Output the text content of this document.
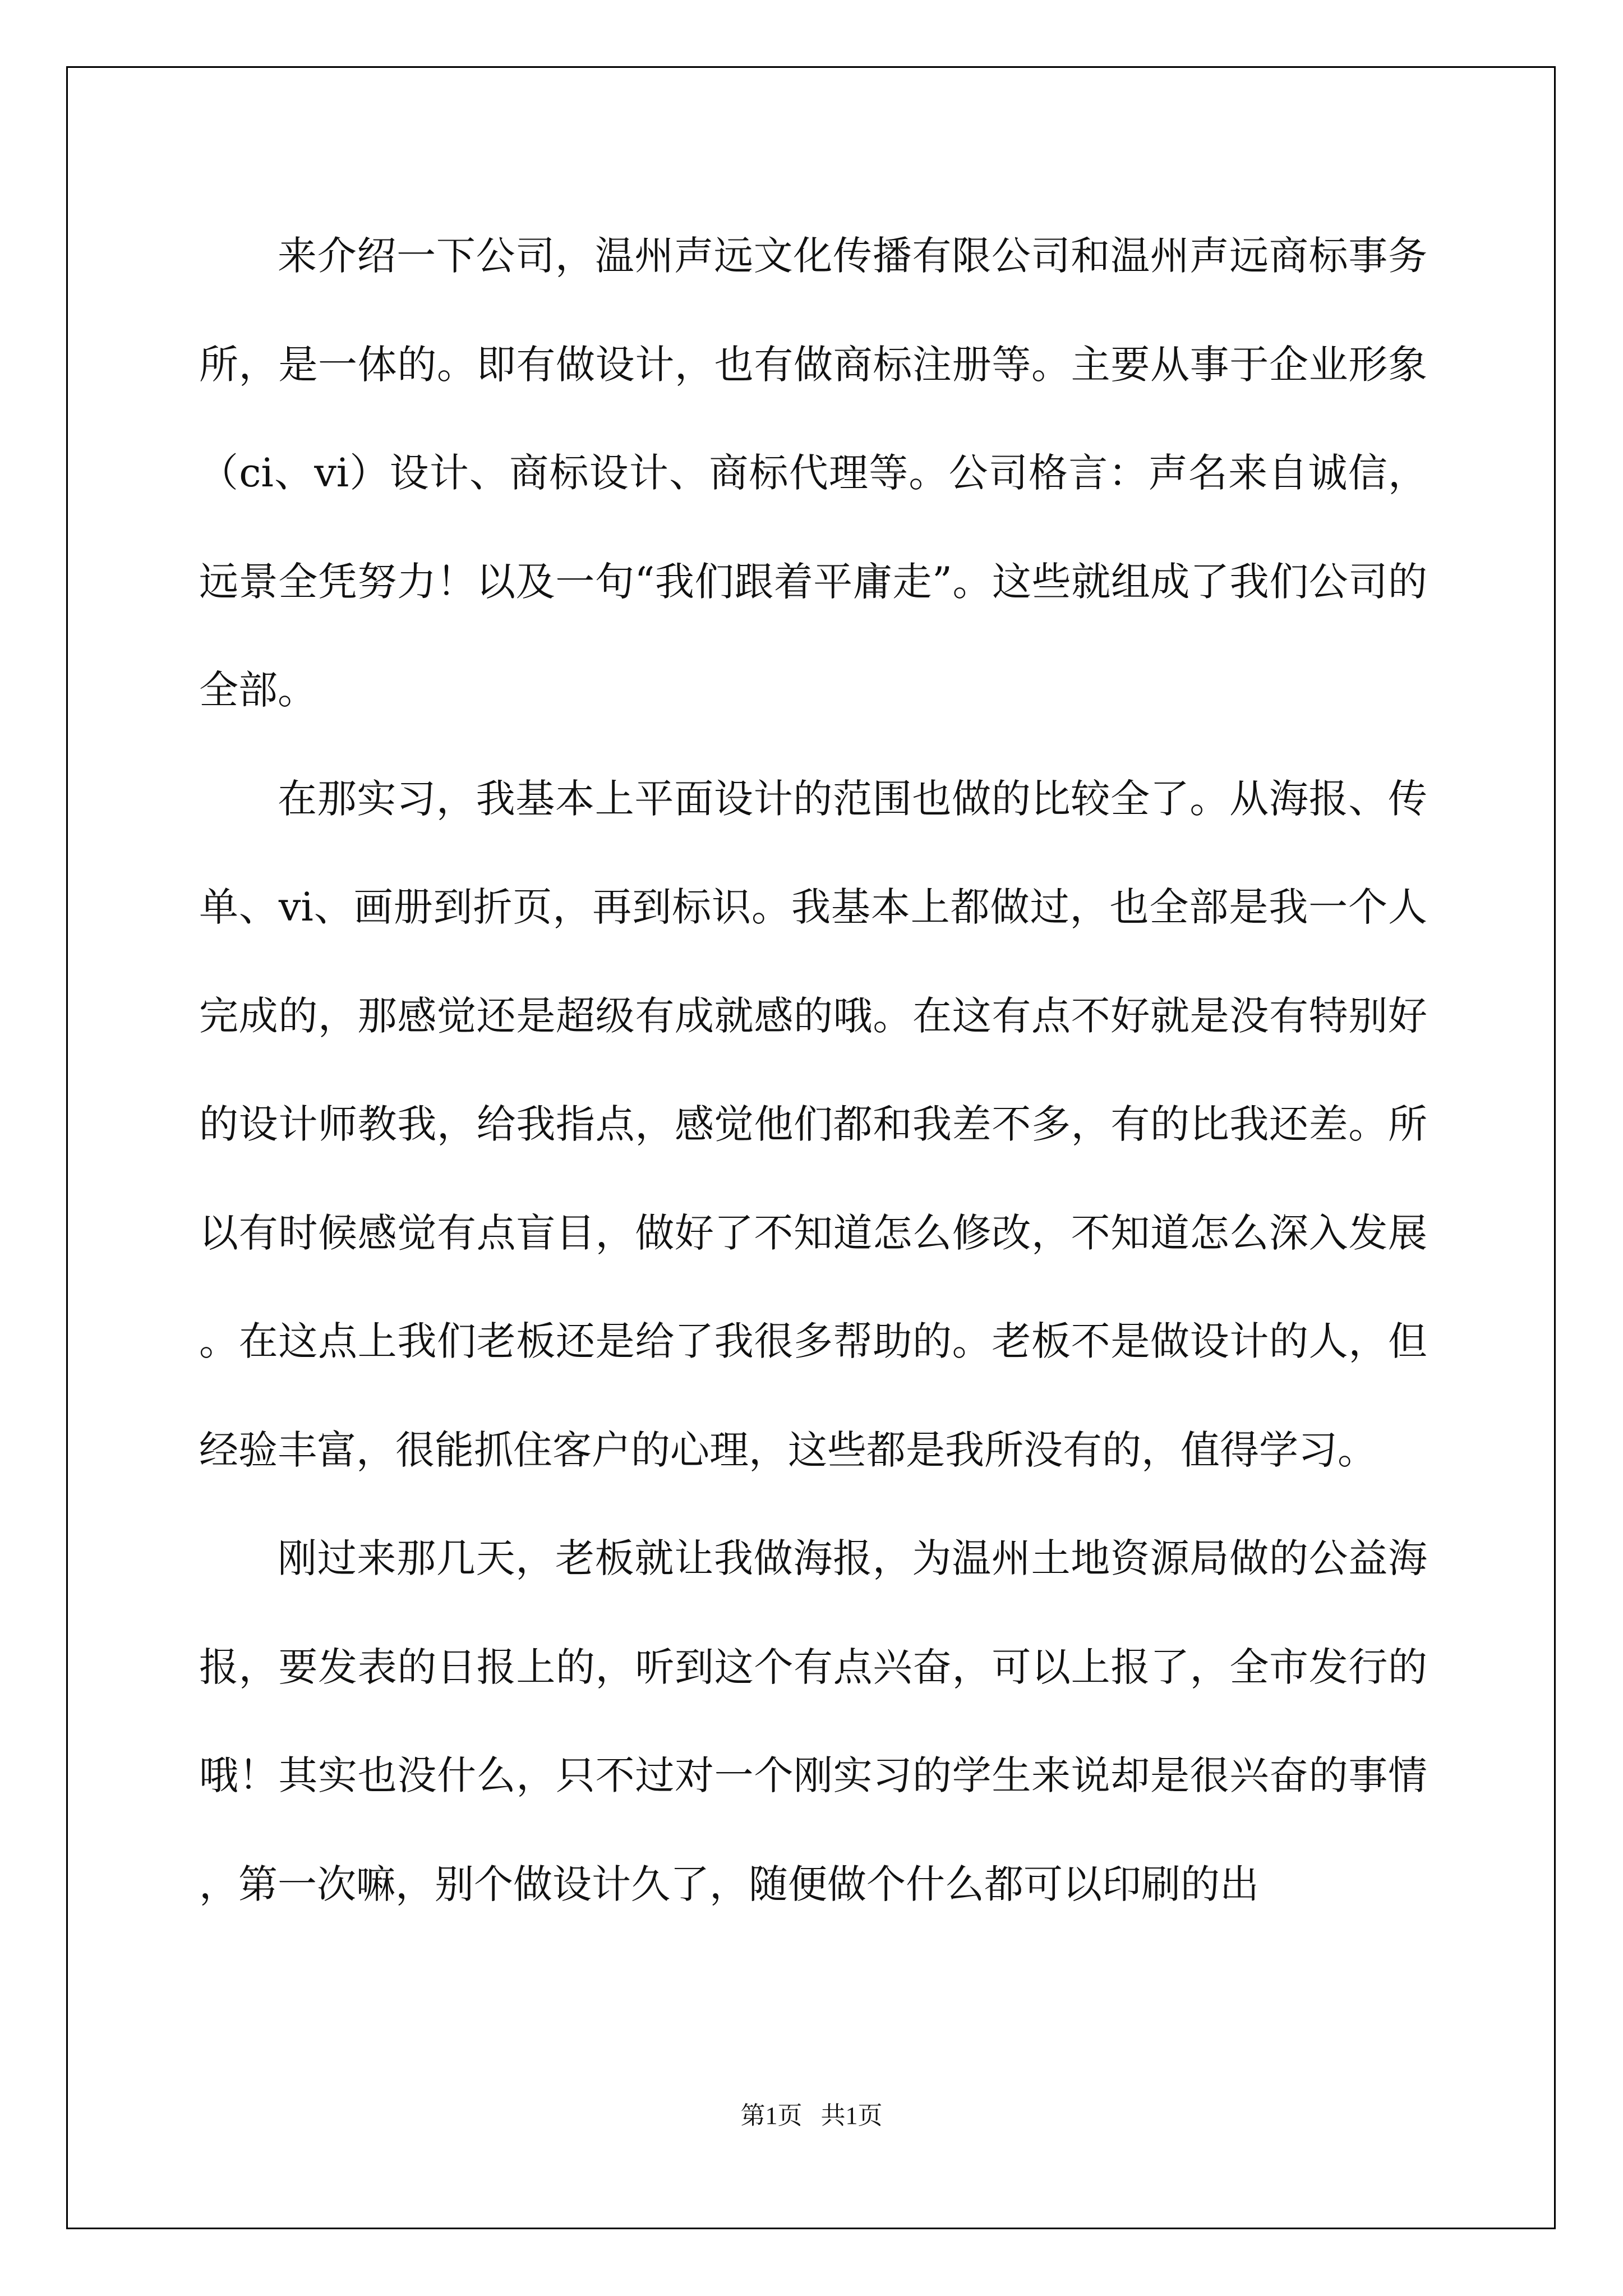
来介绍一下公司，温州声远文化传播有限公司和温州声远商标事务所，是一体的。即有做设计，也有做商标注册等。主要从事于企业形象（ci、vi）设计、商标设计、商标代理等。公司格言：声名来自诚信，远景全凭努力！以及一句“我们跟着平庸走”。这些就组成了我们公司的全部。

在那实习，我基本上平面设计的范围也做的比较全了。从海报、传单、vi、画册到折页，再到标识。我基本上都做过，也全部是我一个人完成的，那感觉还是超级有成就感的哦。在这有点不好就是没有特别好的设计师教我，给我指点，感觉他们都和我差不多，有的比我还差。所以有时候感觉有点盲目，做好了不知道怎么修改，不知道怎么深入发展。在这点上我们老板还是给了我很多帮助的。老板不是做设计的人，但经验丰富，很能抓住客户的心理，这些都是我所没有的，值得学习。

刚过来那几天，老板就让我做海报，为温州土地资源局做的公益海报，要发表的日报上的，听到这个有点兴奋，可以上报了，全市发行的哦！其实也没什么，只不过对一个刚实习的学生来说却是很兴奋的事情，第一次嘛，别个做设计久了，随便做个什么都可以印刷的出

第1页   共1页
